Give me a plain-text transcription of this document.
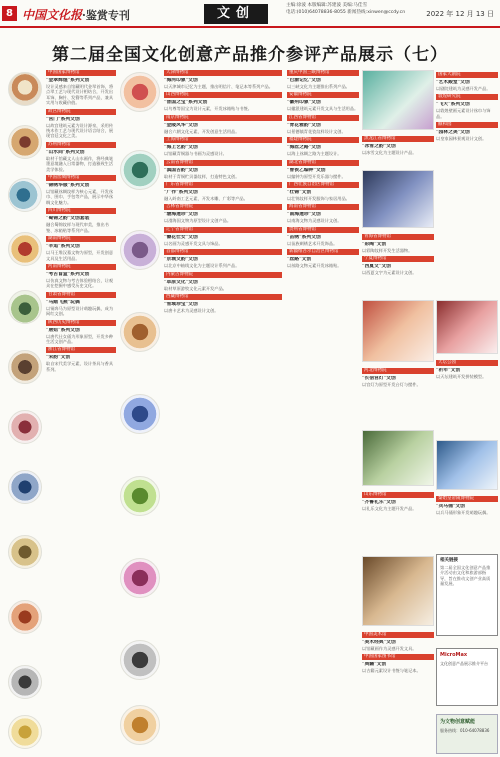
8 中国文化报·鉴赏专刊	文创
主编:徐波 本版编辑:苏建波 美编:马佳雪
电话:(010)64078836-8055 新闻热线:xinwen@ccdy.cn	2022 年 12 月 13 日
第二届全国文化创意产品推介参评产品展示（七）
中国国家博物馆
"金翠辉煌"系列文创
设计灵感来自馆藏明代金翠首饰，将点翠工艺与现代设计相结合，开发出耳饰、胸针、发簪等系列产品，兼具实用与收藏价值。
故宫博物院
"宫门"系列文创
以故宫建筑元素为设计源泉，采用传统木作工艺与现代设计语言结合，展现宫廷文化之美。
苏州博物馆
"山水间"系列文创
取材于馆藏文人山水画作，将经典笔墨意境融入日常器物，打造雅致生活美学体验。
中国丝绸博物馆
"锦绣华服"系列文创
以馆藏丝绸纹样为核心元素，开发丝巾、围巾、手包等产品，展示中华丝绸文化魅力。
四川博物院
"蜀锦之韵"文创套装
融合蜀锦纹样与现代审美，推出书签、冰箱贴等系列产品。
湖南博物院
"辛追"系列文创
以马王堆汉墓文物为原型，开发创意文具及生活用品。
河南博物院
"考古盲盒"系列文创
以仿真文物与考古体验相结合，让观众在挖掘中感受历史文化。
甘肃省博物馆
"马踏飞燕"玩偶
以铜奔马为原型设计萌趣玩偶，成为网红文创。
陕西历史博物馆
"唐妞"系列文创
以唐代仕女俑为形象原型，开发多种生活文创产品。
浙江省博物馆
"宋韵"文创
取自宋代美学元素，设计茶具与香具系列。
天津博物馆
"海河印象"文创
以天津城市记忆为主题，推出明信片、笔记本等系列产品。
山西博物院
"晋国之宝"系列文创
以鸟尊等国宝为设计元素，开发冰箱贴与书签。
南京博物院
"金陵风华"文创
融合六朝文化元素，开发创意生活用品。
上海博物馆
"海上艺韵"文创
以馆藏青铜器与书画为灵感设计。
云南省博物馆
"滇国古韵"文创
取材于青铜贮贝器纹样，打造特色文创。
广东省博物馆
"广作"系列文创
融入岭南工艺元素，开发木雕、广彩等产品。
吉林省博物院
"渤海遗珍"文创
以渤海国文物为原型设计文创产品。
辽宁省博物馆
"簪花仕女"文创
以名画为灵感开发文具与饰品。
首都博物馆
"京城文韵"文创
以北京中轴线文化为主题设计系列产品。
内蒙古博物院
"草原文化"文创
取材草原游牧文化元素开发产品。
西藏博物馆
"雪域珍宝"文创
以唐卡艺术为灵感设计文创。
重庆中国三峡博物馆
"巴渝记忆"文创
以三峡文化为主题推出系列产品。
安徽博物院
"徽州印象"文创
以徽派建筑元素开发文具与生活用品。
江西省博物馆
"青花雅韵"文创
以景德镇青花瓷纹样设计文创。
福建博物院
"海丝之路"文创
以海上丝绸之路为主题设计。
湖北省博物馆
"曾侯乙编钟"文创
以编钟为原型开发乐器与摆件。
广西壮族自治区博物馆
"壮锦"文创
以壮锦纹样开发服饰与家居用品。
海南省博物馆
"南海遗珍"文创
以南海文物为灵感设计文创。
贵州省博物馆
"苗绣"系列文创
以苗族刺绣艺术开发饰品。
新疆维吾尔自治区博物馆
"丝路"文创
以丝路文物元素开发冰箱贴。
黑龙江省博物馆
"冰雪之韵"文创
以冰雪文化为主题设计产品。
青海省博物馆
"彩陶"文创
以彩陶纹样开发生活器物。
宁夏博物馆
"西夏文"文创
以西夏文字为元素设计文创。
河北博物院
"长信宫灯"文创
以宫灯为原型开发台灯与摆件。
山东博物馆
"齐鲁礼乐"文创
以礼乐文化为主题开发产品。
中国美术馆
"美术经典"文创
以馆藏画作为灵感开发文具。
中国国家图书馆
"典籍"文创
以古籍元素设计书签与笔记本。
国家大剧院
"艺术殿堂"文创
以剧院建筑为灵感开发产品。
敦煌研究院
"飞天"系列文创
以敦煌壁画元素设计丝巾与饰品。
颐和园
"园林之美"文创
以皇家园林景观设计文创。
天坛公园
"祈年"文创
以天坛建筑开发拼装模型。
秦始皇帝陵博物院
"兵马俑"文创
以兵马俑形象开发萌趣玩偶。
相关链接
第二届全国文化创意产品推介活动由文化和旅游部指导，旨在推动文创产业高质量发展。
MicroMax
文化创意产品展示推介平台
为文物创意赋能
服务热线：010-64078836
